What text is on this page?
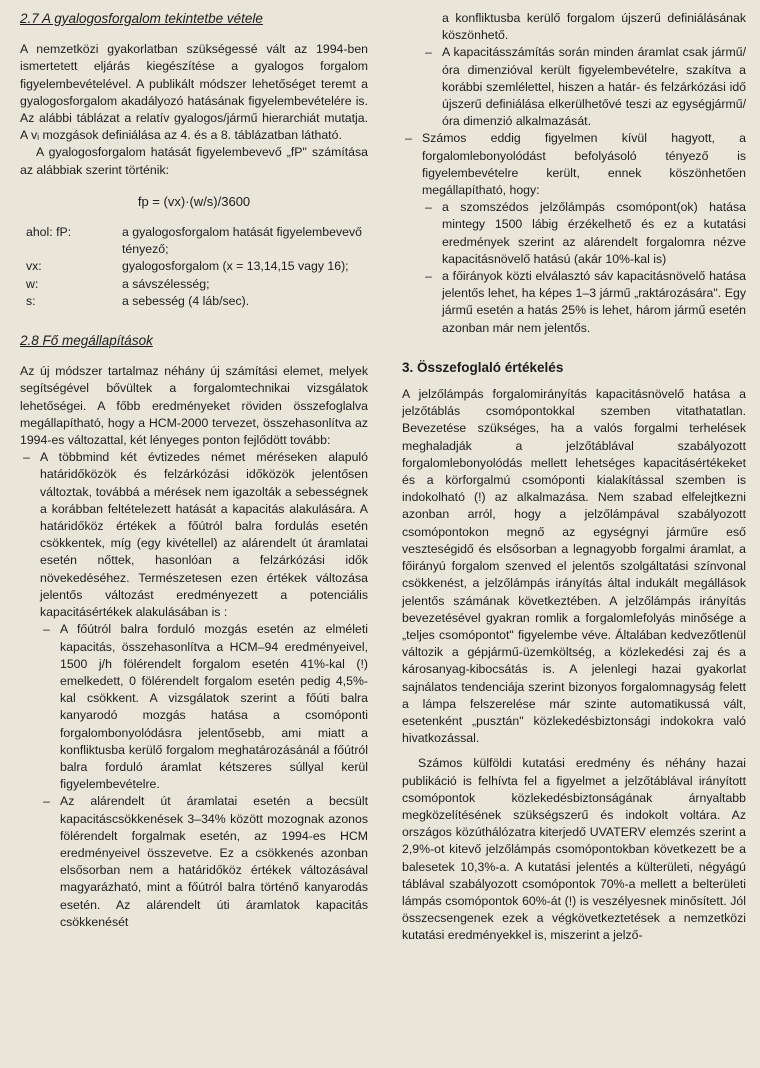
2.7 A gyalogosforgalom tekintetbe vétele

A nemzetközi gyakorlatban szükségessé vált az 1994-ben ismertetett eljárás kiegészítése a gyalogos forgalom figyelembevételével. A publikált módszer lehetőséget teremt a gyalogosforgalom akadályozó hatásának figyelembevételére is. Az alábbi táblázat a relatív gyalogos/jármű hierarchiát mutatja. A vᵢ mozgások definiálása az 4. és a 8. táblázatban látható.

A gyalogosforgalom hatását figyelembevevő „fP" számítása az alábbiak szerint történik:

fp = (vx)·(w/s)/3600
ahol: fP:	a gyalogosforgalom hatását figyelembevevő tényező;
vx:	gyalogosforgalom (x = 13,14,15 vagy 16);
w:	a sávszélesség;
s:	a sebesség (4 láb/sec).
2.8 Fő megállapítások

Az új módszer tartalmaz néhány új számítási elemet, melyek segítségével bővültek a forgalomtechnikai vizsgálatok lehetőségei. A főbb eredményeket röviden összefoglalva megállapítható, hogy a HCM-2000 tervezet, összehasonlítva az 1994-es változattal, két lényeges ponton fejlődött tovább:

– A többmind két évtizedes német méréseken alapuló határidőközök és felzárkózási időközök jelentősen változtak, továbbá a mérések nem igazolták a sebességnek a korábban feltételezett hatását a kapacitás alakulására. A határidőköz értékek a főútról balra fordulás esetén csökkentek, míg (egy kivétellel) az alárendelt út áramlatai esetén nőttek, hasonlóan a felzárkózási idők növekedéséhez. Természetesen ezen értékek változása jelentős változást eredményezett a potenciális kapacitásértékek alakulásában is :
– A főútról balra forduló mozgás esetén az elméleti kapacitás, összehasonlítva a HCM–94 eredményeivel, 1500 j/h fölérendelt forgalom esetén 41%-kal (!) emelkedett, 0 fölérendelt forgalom esetén pedig 4,5%-kal csökkent. A vizsgálatok szerint a főúti balra kanyarodó mozgás hatása a csomóponti forgalombonyolódásra jelentősebb, ami miatt a konfliktusba kerülő forgalom meghatározásánál a főútról balra forduló áramlat kétszeres súllyal kerül figyelembevételre.
– Az alárendelt út áramlatai esetén a becsült kapacitáscsökkenések 3–34% között mozognak azonos fölérendelt forgalmak esetén, az 1994-es HCM eredményeivel összevetve. Ez a csökkenés azonban elsősorban nem a határidőköz értékek változásával magyarázható, mint a főútról balra történő kanyarodás esetén. Az alárendelt úti áramlatok kapacitás csökkenését

a konfliktusba kerülő forgalom újszerű definiálásának köszönhető.

– A kapacitásszámítás során minden áramlat csak jármű/óra dimenzióval került figyelembevételre, szakítva a korábbi szemlélettel, hiszen a határ- és felzárkózási idő újszerű definiálása elkerülhetővé teszi az egységjármű/óra dimenzió alkalmazását.
– Számos eddig figyelmen kívül hagyott, a forgalomlebonyolódást befolyásoló tényező is figyelembevételre került, ennek köszönhetően megállapítható, hogy:
– a szomszédos jelzőlámpás csomópont(ok) hatása mintegy 1500 lábig érzékelhető és ez a kutatási eredmények szerint az alárendelt forgalomra nézve kapacitásnövelő hatású (akár 10%-kal is)
– a főirányok közti elválasztó sáv kapacitásnövelő hatása jelentős lehet, ha képes 1–3 jármű „raktározására". Egy jármű esetén a hatás 25% is lehet, három jármű esetén azonban már nem jelentős.
3. Összefoglaló értékelés

A jelzőlámpás forgalomirányítás kapacitásnövelő hatása a jelzőtáblás csomópontokkal szemben vitathatatlan. Bevezetése szükséges, ha a valós forgalmi terhelések meghaladják a jelzőtáblával szabályozott forgalomlebonyolódás mellett lehetséges kapacitásértékeket és a körforgalmú csomóponti kialakítással szemben is indokolható (!) az alkalmazása. Nem szabad elfelejtkezni azonban arról, hogy a jelzőlámpával szabályozott csomópontokon megnő az egységnyi járműre eső veszteségidő és elsősorban a legnagyobb forgalmi áramlat, a főirányú forgalom szenved el jelentős szolgáltatási színvonal csökkenést, a jelzőlámpás irányítás által indukált megállások jelentős számának következtében. A jelzőlámpás irányítás bevezetésével gyakran romlik a forgalomlefolyás minősége a „teljes csomópontot" figyelembe véve. Általában kedvezőtlenül változik a gépjármű-üzemköltség, a közlekedési zaj és a károsanyag-kibocsátás is. A jelenlegi hazai gyakorlat sajnálatos tendenciája szerint bizonyos forgalomnagyság felett a lámpa felszerelése már szinte automatikussá vált, esetenként „pusztán" közlekedésbiztonsági indokokra való hivatkozással.

Számos külföldi kutatási eredmény és néhány hazai publikáció is felhívta fel a figyelmet a jelzőtáblával irányított csomópontok közlekedésbiztonságának árnyaltabb megközelítésének szükségszerű és indokolt voltára. Az országos közúthálózatra kiterjedő UVATERV elemzés szerint a 2,9%-ot kitevő jelzőlámpás csomópontokban következett be a balesetek 10,3%-a. A kutatási jelentés a külterületi, négyágú táblával szabályozott csomópontok 70%-a mellett a belterületi lámpás csomópontok 60%-át (!) is veszélyesnek minősített. Jól összecsengenek ezek a végkövetkeztetések a nemzetközi kutatási eredményekkel is, miszerint a jelző-
